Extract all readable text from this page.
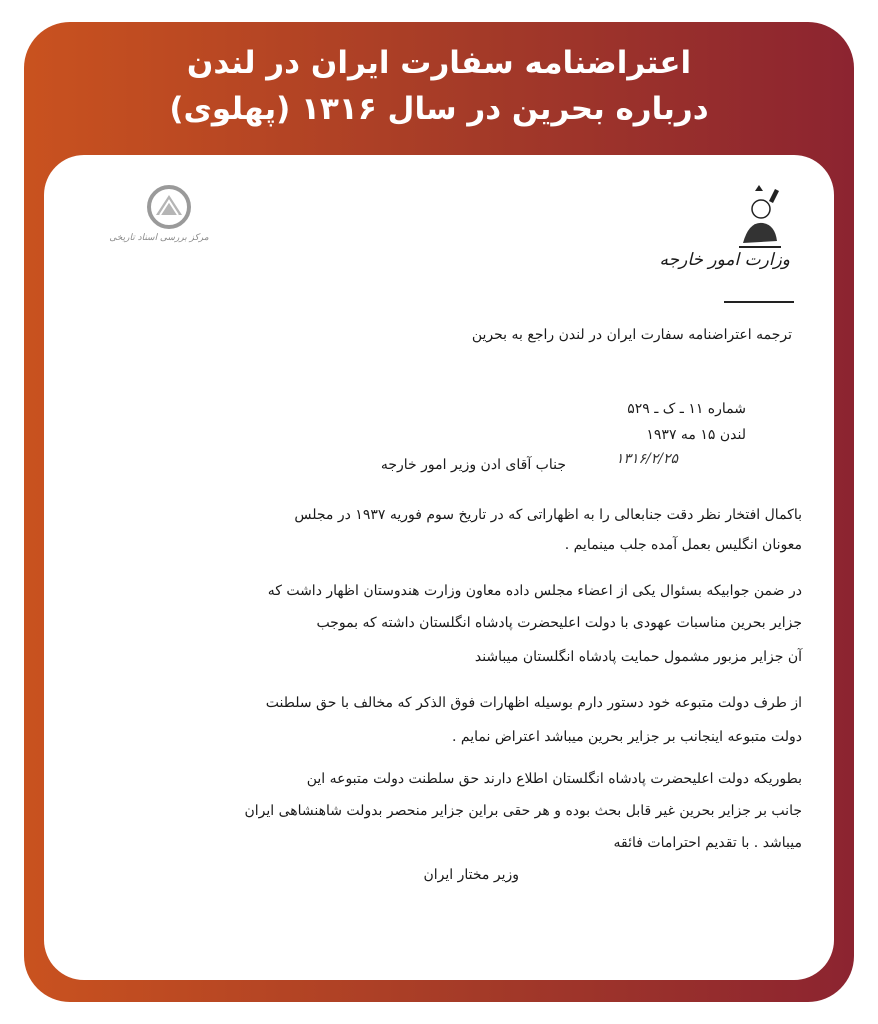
اعتراضنامه سفارت ایران در لندن
درباره بحرین در سال ۱۳۱۶ (پهلوی)
مرکز بررسی اسناد تاریخی
وزارت امور خارجه
ترجمه اعتراضنامه سفارت ایران در لندن راجع به بحرین
شماره ۱۱ ـ ک ـ ۵۲۹
لندن ۱۵ مه ۱۹۳۷
۱۳۱۶/۲/۲۵
جناب آقای ادن وزیر امور خارجه
باکمال افتخار نظر دقت جنابعالی را به اظهاراتی که در تاریخ سوم فوریه ۱۹۳۷ در مجلس
معونان انگلیس بعمل آمده جلب مینمایم .
در ضمن جوابیکه بسئوال یکی از اعضاء مجلس داده معاون وزارت هندوستان اظهار داشت که
جزایر بحرین مناسبات عهودی با دولت اعلیحضرت پادشاه انگلستان داشته که بموجب
آن جزایر مزبور مشمول حمایت پادشاه انگلستان میباشند
از طرف دولت متبوعه خود دستور دارم بوسیله اظهارات فوق الذکر که مخالف با حق سلطنت
دولت متبوعه اینجانب بر جزایر بحرین میباشد اعتراض نمایم .
بطوریکه دولت اعلیحضرت پادشاه انگلستان اطلاع دارند حق سلطنت دولت متبوعه این
جانب بر جزایر بحرین غیر قابل بحث بوده و هر حقی براین جزایر منحصر بدولت شاهنشاهی ایران
میباشد . با تقدیم احترامات فائقه
وزیر مختار ایران
